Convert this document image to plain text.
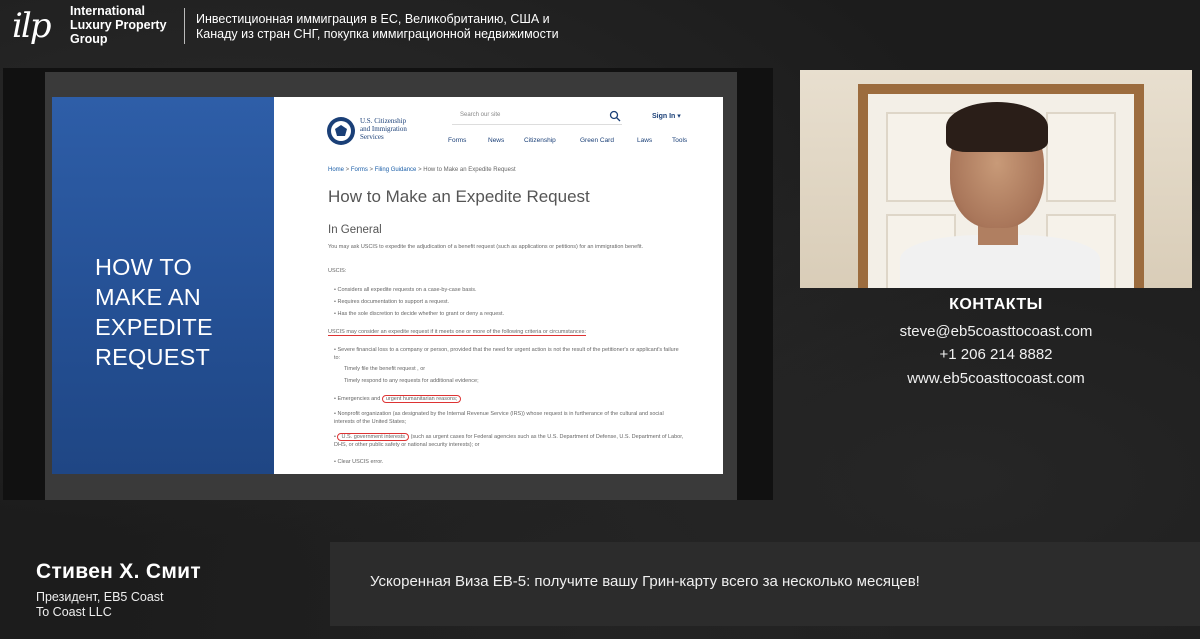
ilp	International
Luxury Property
Group
Инвестиционная иммиграция в ЕС, Великобританию, США и
Канаду из стран СНГ, покупка иммиграционной недвижимости
HOW TO
MAKE AN
EXPEDITE
REQUEST
U.S. Citizenship
and Immigration
Services
Search our site	Sign In ▾
Forms	News	Citizenship	Green Card	Laws	Tools
Home > Forms > Filing Guidance > How to Make an Expedite Request
How to Make an Expedite Request
In General
You may ask USCIS to expedite the adjudication of a benefit request (such as applications or petitions) for an immigration benefit.
USCIS:
• Considers all expedite requests on a case-by-case basis.
• Requires documentation to support a request.
• Has the sole discretion to decide whether to grant or deny a request.
USCIS may consider an expedite request if it meets one or more of the following criteria or circumstances:
• Severe financial loss to a company or person, provided that the need for urgent action is not the result of the petitioner's or applicant's failure to:
Timely file the benefit request , or
Timely respond to any requests for additional evidence;
• Emergencies and urgent humanitarian reasons;
• Nonprofit organization (as designated by the Internal Revenue Service (IRS)) whose request is in furtherance of the cultural and social interests of the United States;
• U.S. government interests (such as urgent cases for Federal agencies such as the U.S. Department of Defense, U.S. Department of Labor, DHS, or other public safety or national security interests); or
• Clear USCIS error.
КОНТАКТЫ
steve@eb5coasttocoast.com
+1 206 214 8882
www.eb5coasttocoast.com
Стивен Х. Смит
Президент, EB5 Coast
To Coast LLC
Ускоренная Виза EB-5: получите вашу Грин-карту всего за несколько месяцев!
